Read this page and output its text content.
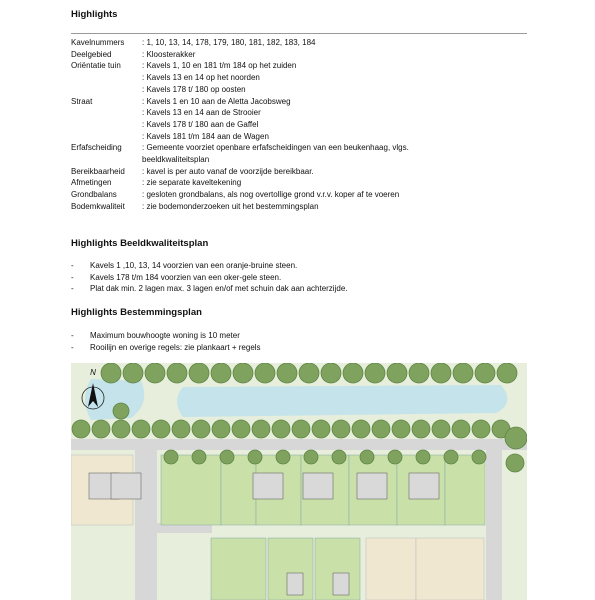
Highlights
Kavelnummers	: 1, 10, 13, 14, 178, 179, 180, 181, 182, 183, 184
Deelgebied	: Kloosterakker
Oriëntatie tuin	: Kavels 1, 10 en 181 t/m 184 op het zuiden
: Kavels 13 en 14 op het noorden
: Kavels 178 t/ 180 op oosten
Straat	: Kavels 1 en 10 aan de Aletta Jacobsweg
: Kavels 13 en 14 aan de Strooier
: Kavels 178 t/ 180 aan de Gaffel
: Kavels 181 t/m 184 aan de Wagen
Erfafscheiding	: Gemeente voorziet openbare erfafscheidingen van een beukenhaag, vlgs.
beeldkwaliteitsplan
Bereikbaarheid	: kavel is per auto vanaf de voorzijde bereikbaar.
Afmetingen	: zie separate kaveltekening
Grondbalans	: gesloten grondbalans, als nog overtollige grond v.r.v. koper af te voeren
Bodemkwaliteit	: zie bodemonderzoeken uit het bestemmingsplan
Highlights Beeldkwaliteitsplan
-	Kavels 1 ,10, 13, 14 voorzien van een oranje-bruine steen.
-	Kavels 178 t/m 184 voorzien van een oker-gele steen.
-	Plat dak min. 2 lagen max. 3 lagen en/of met schuin dak aan achterzijde.
Highlights Bestemmingsplan
-	Maximum bouwhoogte woning is 10 meter
-	Rooilijn en overige regels: zie plankaart + regels
N
